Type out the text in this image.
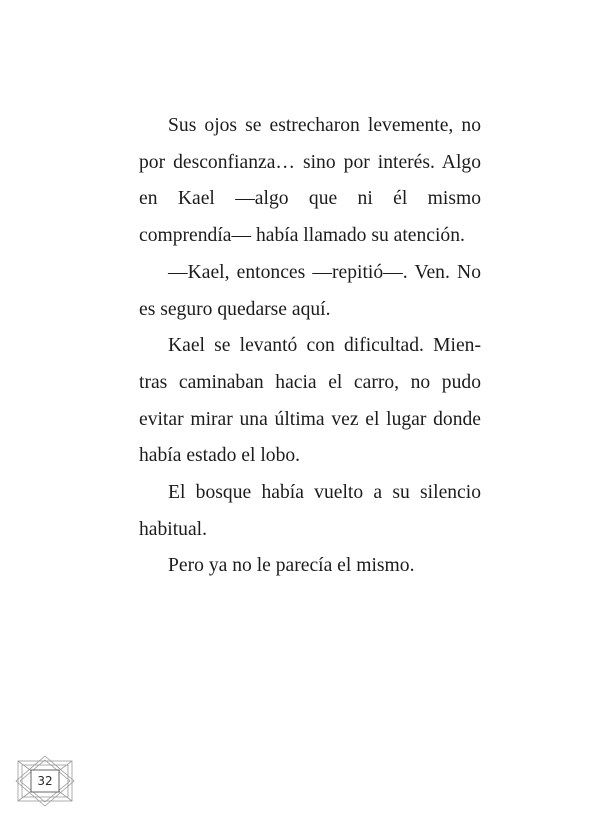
Sus ojos se estrecharon levemente, no por desconfianza… sino por interés. Algo en Kael —algo que ni él mismo comprendía— había llamado su atención.

—Kael, entonces —repitió—. Ven. No es seguro quedarse aquí.

Kael se levantó con dificultad. Mientras caminaban hacia el carro, no pudo evitar mirar una última vez el lugar donde había estado el lobo.

El bosque había vuelto a su silencio habitual.

Pero ya no le parecía el mismo.

32
